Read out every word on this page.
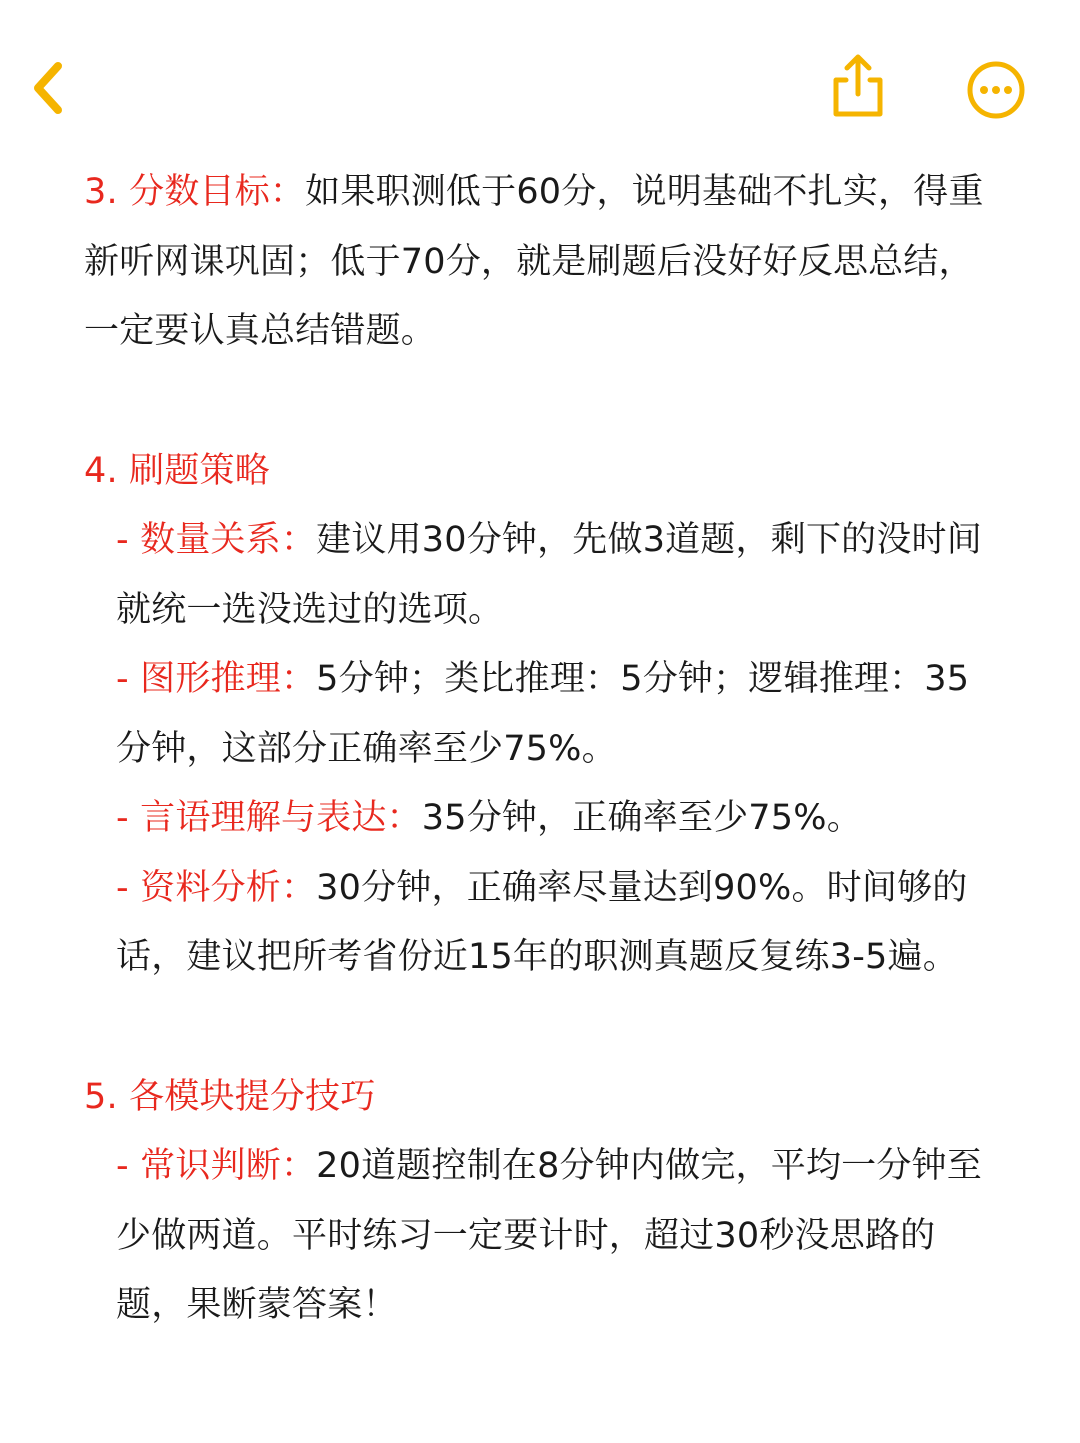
3. 分数目标：如果职测低于60分，说明基础不扎实，得重新听网课巩固；低于70分，就是刷题后没好好反思总结，一定要认真总结错题。

4. 刷题策略

- 数量关系：建议用30分钟，先做3道题，剩下的没时间就统一选没选过的选项。

- 图形推理：5分钟；类比推理：5分钟；逻辑推理：35分钟，这部分正确率至少75%。

- 言语理解与表达：35分钟，正确率至少75%。

- 资料分析：30分钟，正确率尽量达到90%。时间够的话，建议把所考省份近15年的职测真题反复练3-5遍。

5. 各模块提分技巧

- 常识判断：20道题控制在8分钟内做完，平均一分钟至少做两道。平时练习一定要计时，超过30秒没思路的题，果断蒙答案！
